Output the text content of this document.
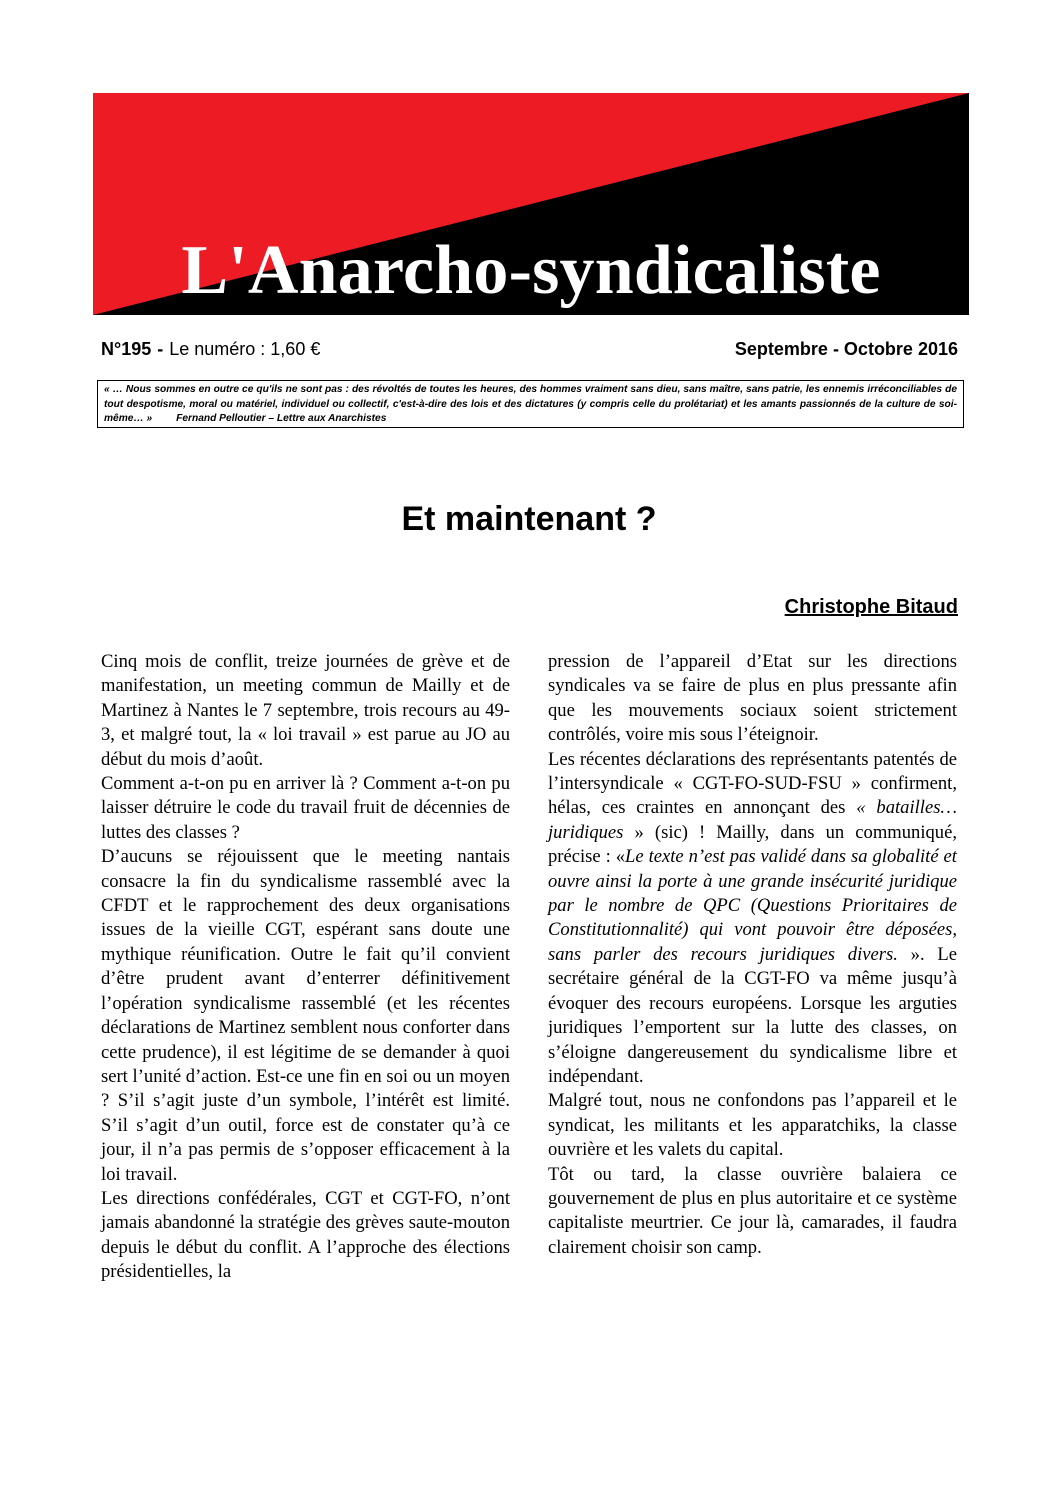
L'Anarcho-syndicaliste
N°195 - Le numéro : 1,60 €	Septembre - Octobre 2016
« … Nous sommes en outre ce qu'ils ne sont pas : des révoltés de toutes les heures, des hommes vraiment sans dieu, sans maître, sans patrie, les ennemis irréconciliables de tout despotisme, moral ou matériel, individuel ou collectif, c'est-à-dire des lois et des dictatures (y compris celle du prolétariat) et les amants passionnés de la culture de soi-même… » Fernand Pelloutier – Lettre aux Anarchistes
Et maintenant ?
Christophe Bitaud

Cinq mois de conflit, treize journées de grève et de manifestation, un meeting commun de Mailly et de Martinez à Nantes le 7 septembre, trois recours au 49-3, et malgré tout, la « loi travail » est parue au JO au début du mois d’août.

Comment a-t-on pu en arriver là ? Comment a-t-on pu laisser détruire le code du travail fruit de décennies de luttes des classes ?

D’aucuns se réjouissent que le meeting nantais consacre la fin du syndicalisme rassemblé avec la CFDT et le rapprochement des deux organisations issues de la vieille CGT, espérant sans doute une mythique réunification. Outre le fait qu’il convient d’être prudent avant d’enterrer définitivement l’opération syndicalisme rassemblé (et les récentes déclarations de Martinez semblent nous conforter dans cette prudence), il est légitime de se demander à quoi sert l’unité d’action. Est-ce une fin en soi ou un moyen ? S’il s’agit juste d’un symbole, l’intérêt est limité. S’il s’agit d’un outil, force est de constater qu’à ce jour, il n’a pas permis de s’opposer efficacement à la loi travail.

Les directions confédérales, CGT et CGT-FO, n’ont jamais abandonné la stratégie des grèves saute-mouton depuis le début du conflit. A l’approche des élections présidentielles, la

pression de l’appareil d’Etat sur les directions syndicales va se faire de plus en plus pressante afin que les mouvements sociaux soient strictement contrôlés, voire mis sous l’éteignoir.

Les récentes déclarations des représentants patentés de l’intersyndicale « CGT-FO-SUD-FSU » confirment, hélas, ces craintes en annonçant des « batailles… juridiques » (sic) ! Mailly, dans un communiqué, précise : «Le texte n’est pas validé dans sa globalité et ouvre ainsi la porte à une grande insécurité juridique par le nombre de QPC (Questions Prioritaires de Constitutionnalité) qui vont pouvoir être déposées, sans parler des recours juridiques divers. ». Le secrétaire général de la CGT-FO va même jusqu’à évoquer des recours européens. Lorsque les arguties juridiques l’emportent sur la lutte des classes, on s’éloigne dangereusement du syndicalisme libre et indépendant.

Malgré tout, nous ne confondons pas l’appareil et le syndicat, les militants et les apparatchiks, la classe ouvrière et les valets du capital.

Tôt ou tard, la classe ouvrière balaiera ce gouvernement de plus en plus autoritaire et ce système capitaliste meurtrier. Ce jour là, camarades, il faudra clairement choisir son camp.
